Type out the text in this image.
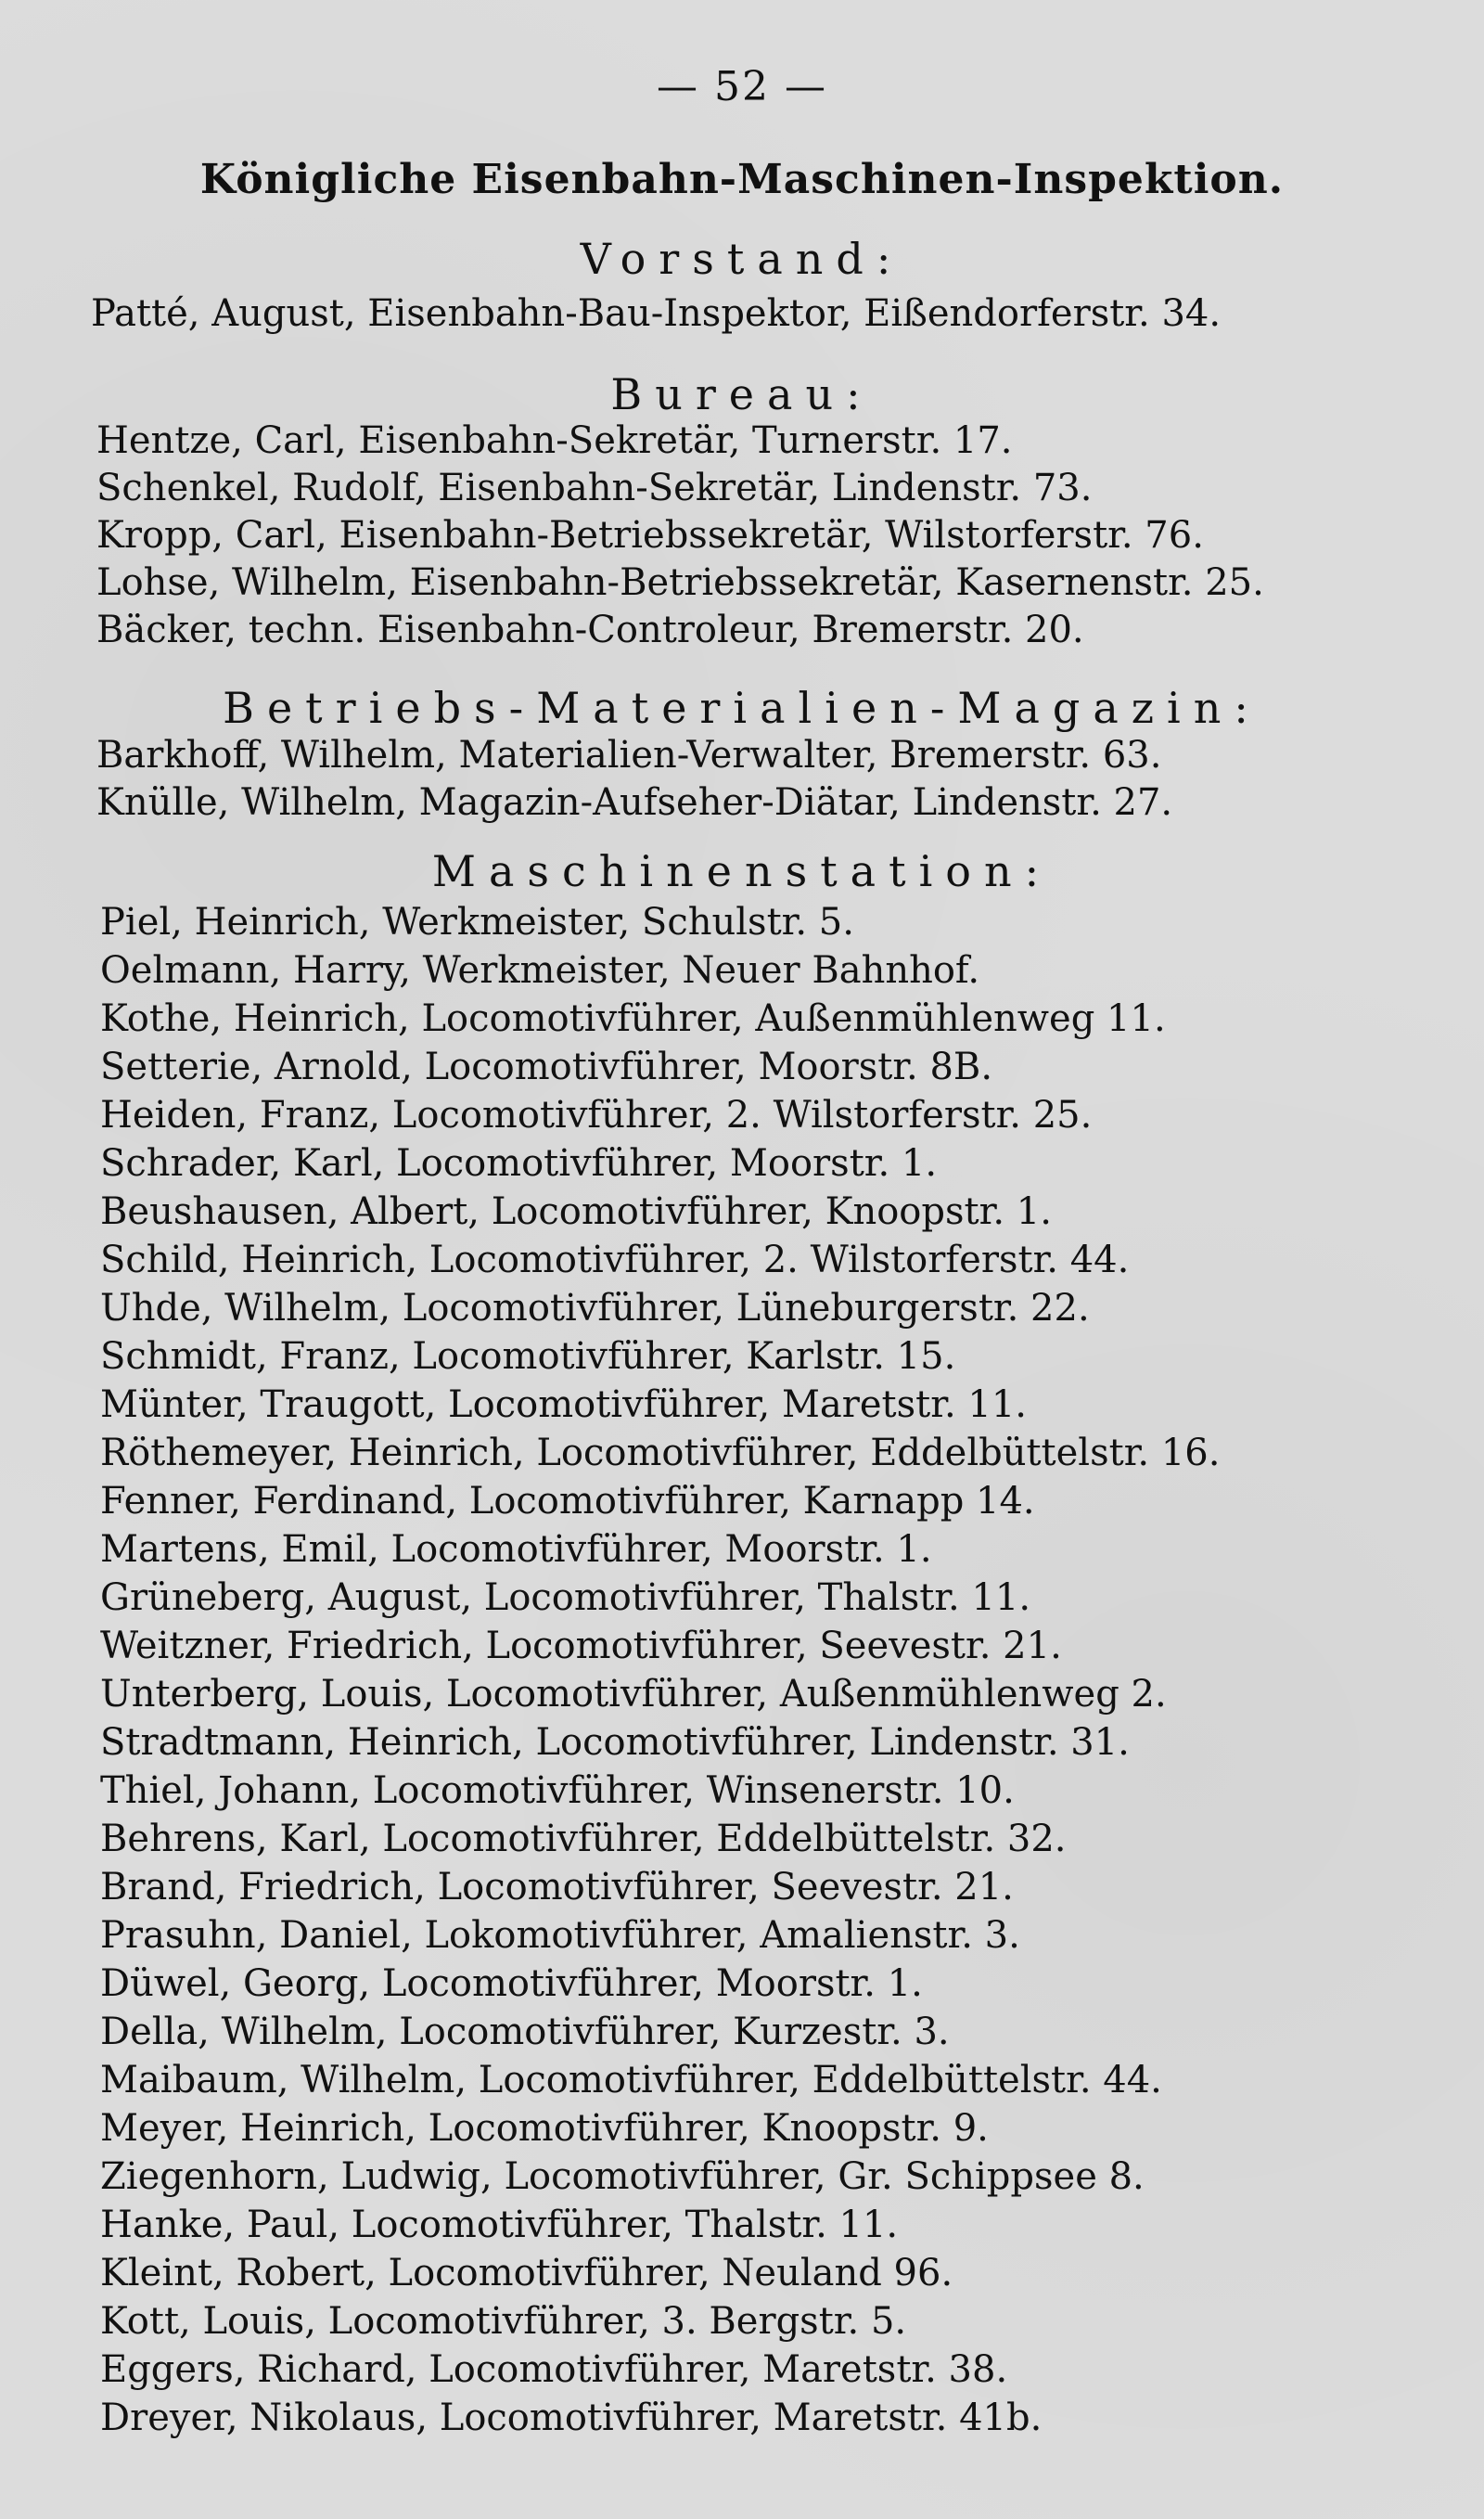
— 52 —
Königliche Eisenbahn-Maschinen-Inspektion.
Vorstand:
Patté, August, Eisenbahn-Bau-Inspektor, Eißendorferstr. 34.
Bureau:
Hentze, Carl, Eisenbahn-Sekretär, Turnerstr. 17.
Schenkel, Rudolf, Eisenbahn-Sekretär, Lindenstr. 73.
Kropp, Carl, Eisenbahn-Betriebssekretär, Wilstorferstr. 76.
Lohse, Wilhelm, Eisenbahn-Betriebssekretär, Kasernenstr. 25.
Bäcker, techn. Eisenbahn-Controleur, Bremerstr. 20.
Betriebs-Materialien-Magazin:
Barkhoff, Wilhelm, Materialien-Verwalter, Bremerstr. 63.
Knülle, Wilhelm, Magazin-Aufseher-Diätar, Lindenstr. 27.
Maschinenstation:
Piel, Heinrich, Werkmeister, Schulstr. 5.
Oelmann, Harry, Werkmeister, Neuer Bahnhof.
Kothe, Heinrich, Locomotivführer, Außenmühlenweg 11.
Setterie, Arnold, Locomotivführer, Moorstr. 8B.
Heiden, Franz, Locomotivführer, 2. Wilstorferstr. 25.
Schrader, Karl, Locomotivführer, Moorstr. 1.
Beushausen, Albert, Locomotivführer, Knoopstr. 1.
Schild, Heinrich, Locomotivführer, 2. Wilstorferstr. 44.
Uhde, Wilhelm, Locomotivführer, Lüneburgerstr. 22.
Schmidt, Franz, Locomotivführer, Karlstr. 15.
Münter, Traugott, Locomotivführer, Maretstr. 11.
Röthemeyer, Heinrich, Locomotivführer, Eddelbüttelstr. 16.
Fenner, Ferdinand, Locomotivführer, Karnapp 14.
Martens, Emil, Locomotivführer, Moorstr. 1.
Grüneberg, August, Locomotivführer, Thalstr. 11.
Weitzner, Friedrich, Locomotivführer, Seevestr. 21.
Unterberg, Louis, Locomotivführer, Außenmühlenweg 2.
Stradtmann, Heinrich, Locomotivführer, Lindenstr. 31.
Thiel, Johann, Locomotivführer, Winsenerstr. 10.
Behrens, Karl, Locomotivführer, Eddelbüttelstr. 32.
Brand, Friedrich, Locomotivführer, Seevestr. 21.
Prasuhn, Daniel, Lokomotivführer, Amalienstr. 3.
Düwel, Georg, Locomotivführer, Moorstr. 1.
Della, Wilhelm, Locomotivführer, Kurzestr. 3.
Maibaum, Wilhelm, Locomotivführer, Eddelbüttelstr. 44.
Meyer, Heinrich, Locomotivführer, Knoopstr. 9.
Ziegenhorn, Ludwig, Locomotivführer, Gr. Schippsee 8.
Hanke, Paul, Locomotivführer, Thalstr. 11.
Kleint, Robert, Locomotivführer, Neuland 96.
Kott, Louis, Locomotivführer, 3. Bergstr. 5.
Eggers, Richard, Locomotivführer, Maretstr. 38.
Dreyer, Nikolaus, Locomotivführer, Maretstr. 41b.
